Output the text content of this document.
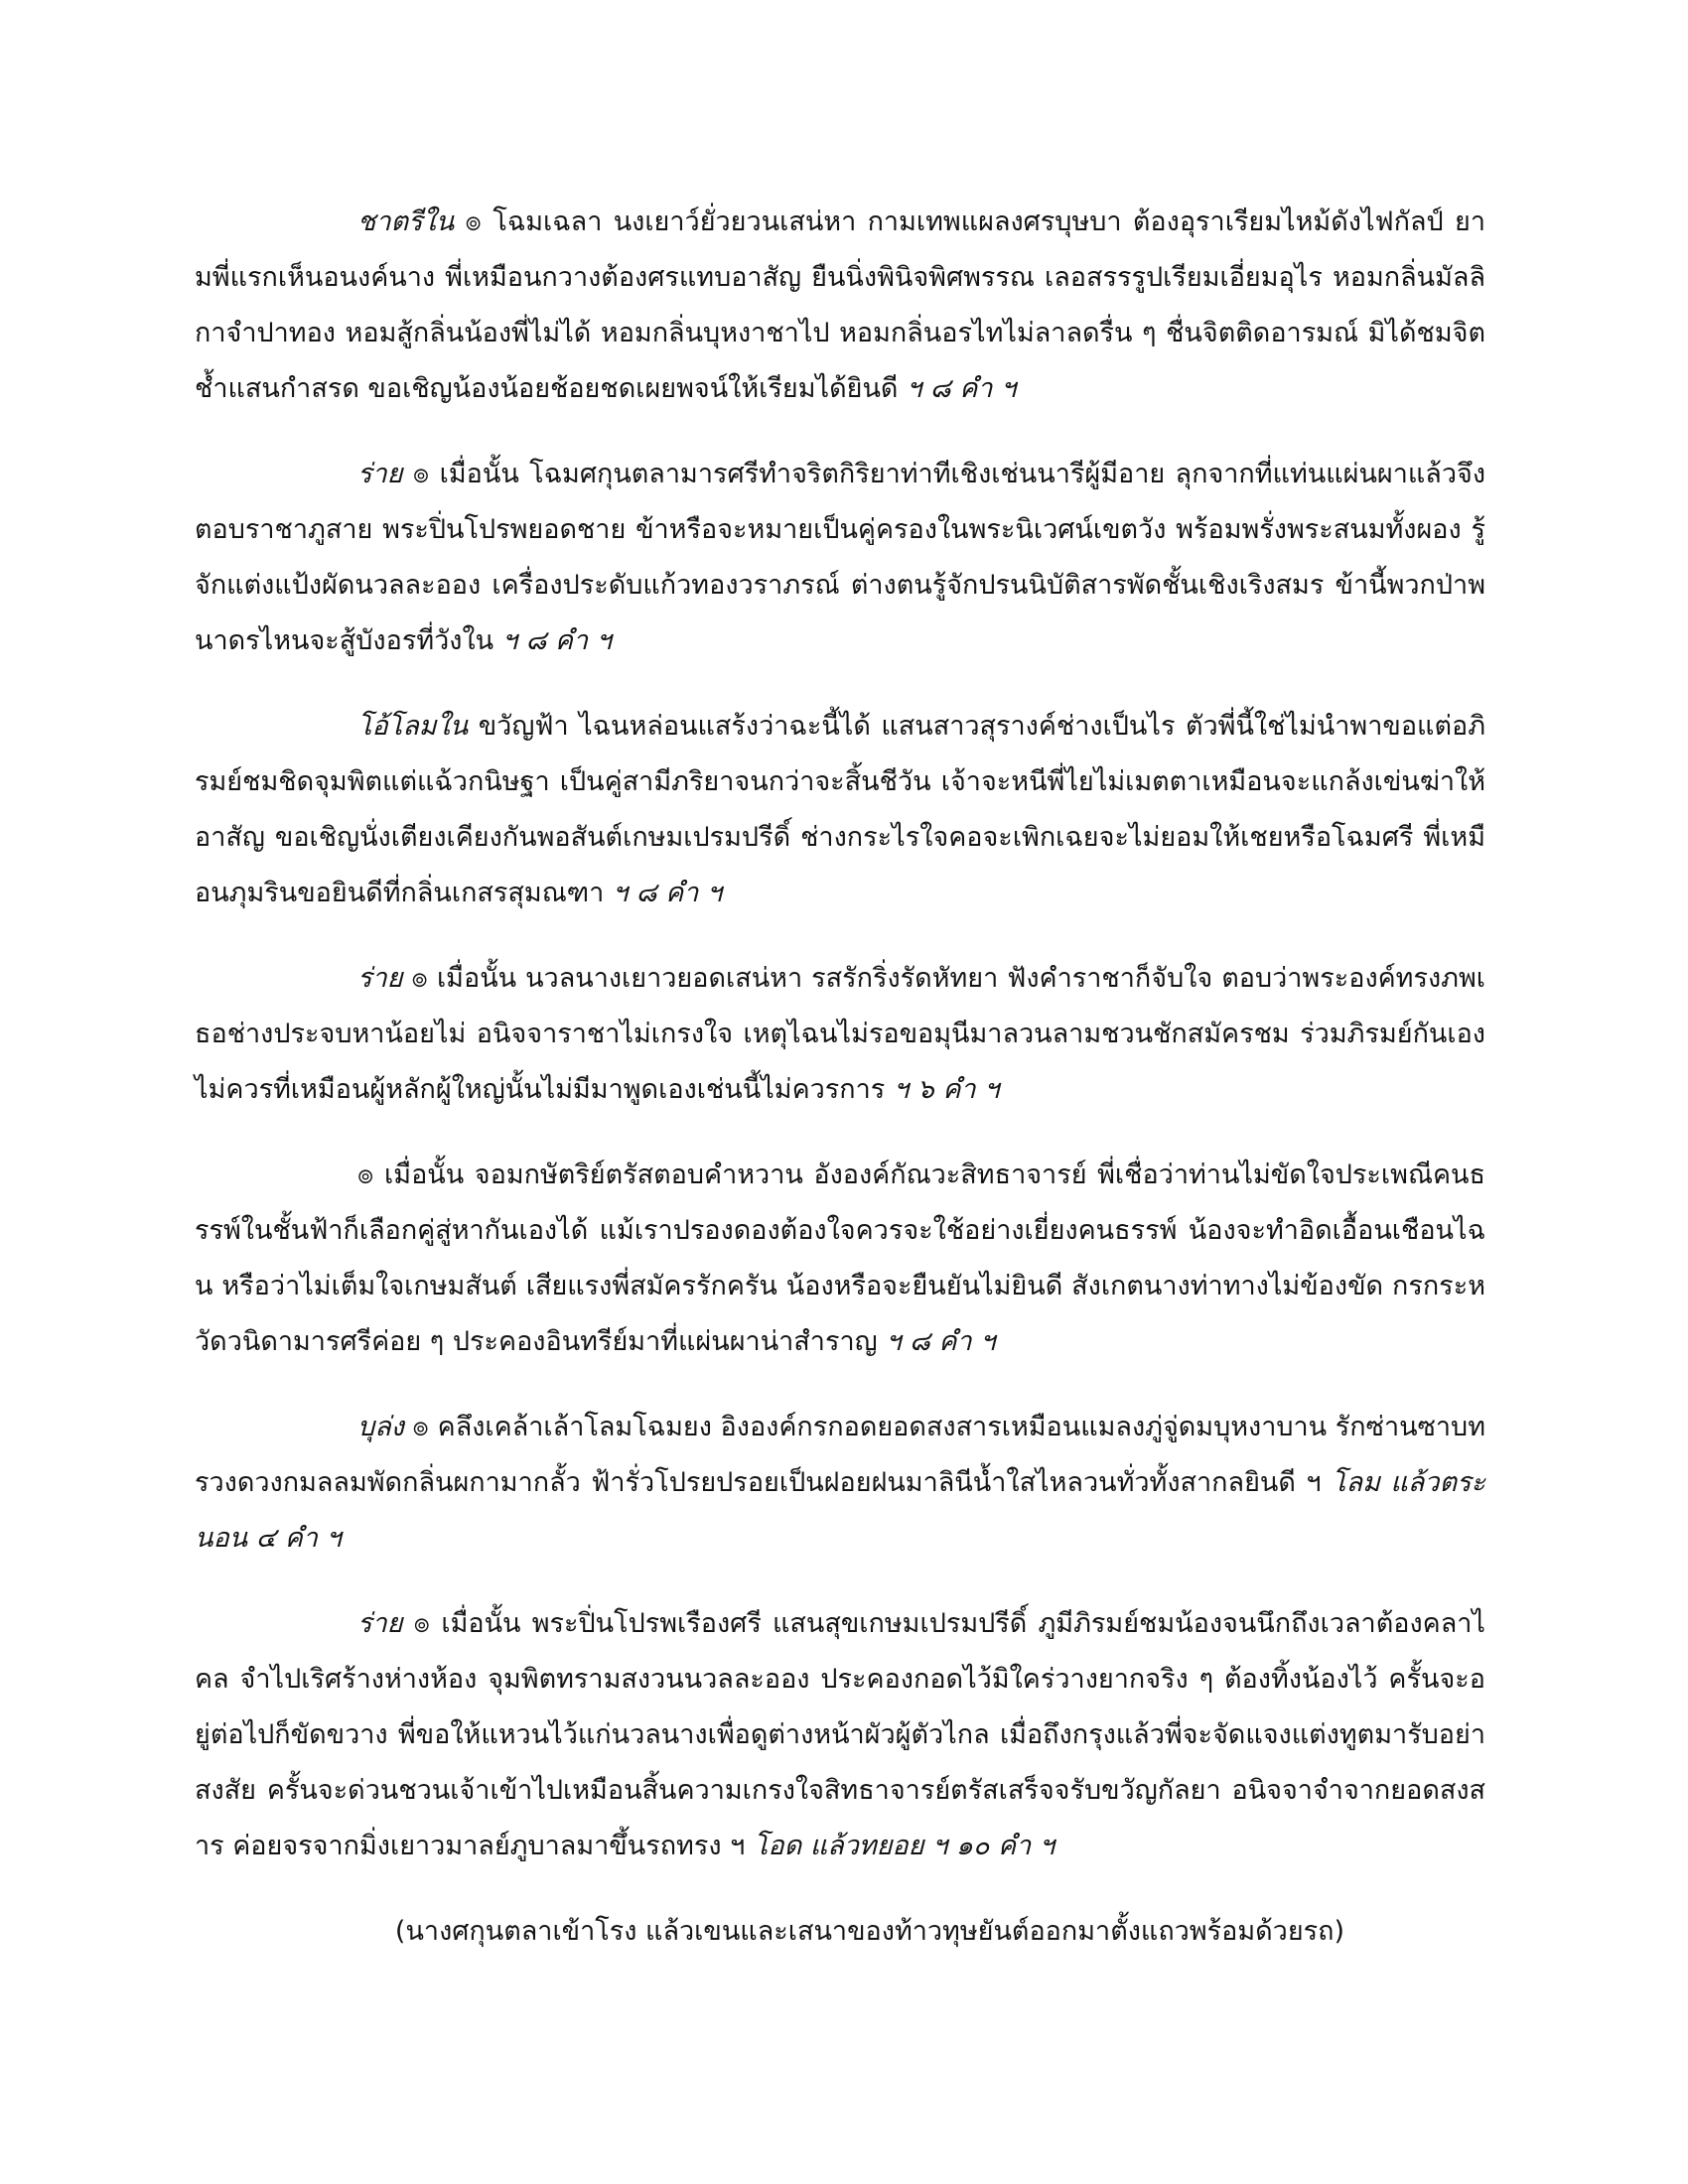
ชาตรีใน ๏ โฉมเฉลา นงเยาว์ยั่วยวนเสน่หา กามเทพแผลงศรบุษบา ต้องอุราเรียมไหม้ดังไฟกัลป์ ยามพี่แรกเห็นอนงค์นาง พี่เหมือนกวางต้องศรแทบอาสัญ ยืนนิ่งพินิจพิศพรรณ เลอสรรรูปเรียมเอี่ยมอุไร หอมกลิ่นมัลลิกาจำปาทอง หอมสู้กลิ่นน้องพี่ไม่ได้ หอมกลิ่นบุหงาชาไป หอมกลิ่นอรไทไม่ลาลดรื่น ๆ ชื่นจิตติดอารมณ์ มิได้ชมจิตช้ำแสนกำสรด ขอเชิญน้องน้อยช้อยชดเผยพจน์ให้เรียมได้ยินดี ฯ ๘ คำ ฯ

ร่าย ๏ เมื่อนั้น โฉมศกุนตลามารศรีทำจริตกิริยาท่าทีเชิงเช่นนารีผู้มีอาย ลุกจากที่แท่นแผ่นผาแล้วจึงตอบราชาภูสาย พระปิ่นโปรพยอดชาย ข้าหรือจะหมายเป็นคู่ครองในพระนิเวศน์เขตวัง พร้อมพรั่งพระสนมทั้งผอง รู้จักแต่งแป้งผัดนวลละออง เครื่องประดับแก้วทองวราภรณ์ ต่างตนรู้จักปรนนิบัติสารพัดชั้นเชิงเริงสมร ข้านี้พวกป่าพนาดรไหนจะสู้บังอรที่วังใน ฯ ๘ คำ ฯ

โอ้โลมใน ขวัญฟ้า ไฉนหล่อนแสร้งว่าฉะนี้ได้ แสนสาวสุรางค์ช่างเป็นไร ตัวพี่นี้ใช่ไม่นำพาขอแต่อภิรมย์ชมชิดจุมพิตแต่แฉ้วกนิษฐา เป็นคู่สามีภริยาจนกว่าจะสิ้นชีวัน เจ้าจะหนีพี่ไยไม่เมตตาเหมือนจะแกล้งเข่นฆ่าให้อาสัญ ขอเชิญนั่งเตียงเคียงกันพอสันต์เกษมเปรมปรีดิ์ ช่างกระไรใจคอจะเพิกเฉยจะไม่ยอมให้เชยหรือโฉมศรี พี่เหมือนภุมรินขอยินดีที่กลิ่นเกสรสุมณฑา ฯ ๘ คำ ฯ

ร่าย ๏ เมื่อนั้น นวลนางเยาวยอดเสน่หา รสรักริ่งรัดหัทยา ฟังคำราชาก็จับใจ ตอบว่าพระองค์ทรงภพเธอช่างประจบหาน้อยไม่ อนิจจาราชาไม่เกรงใจ เหตุไฉนไม่รอขอมุนีมาลวนลามชวนชักสมัครชม ร่วมภิรมย์กันเองไม่ควรที่เหมือนผู้หลักผู้ใหญ่นั้นไม่มีมาพูดเองเช่นนี้ไม่ควรการ ฯ ๖ คำ ฯ

๏ เมื่อนั้น จอมกษัตริย์ตรัสตอบคำหวาน อังองค์กัณวะสิทธาจารย์ พี่เชื่อว่าท่านไม่ขัดใจประเพณีคนธรรพ์ในชั้นฟ้าก็เลือกคู่สู่หากันเองได้ แม้เราปรองดองต้องใจควรจะใช้อย่างเยี่ยงคนธรรพ์ น้องจะทำอิดเอื้อนเชือนไฉน หรือว่าไม่เต็มใจเกษมสันต์ เสียแรงพี่สมัครรักครัน น้องหรือจะยืนยันไม่ยินดี สังเกตนางท่าทางไม่ข้องขัด กรกระหวัดวนิดามารศรีค่อย ๆ ประคองอินทรีย์มาที่แผ่นผาน่าสำราญ ฯ ๘ คำ ฯ

บุล่ง ๏ คลึงเคล้าเล้าโลมโฉมยง อิงองค์กรกอดยอดสงสารเหมือนแมลงภู่จู่ดมบุหงาบาน รักซ่านซาบทรวงดวงกมลลมพัดกลิ่นผกามากลั้ว ฟ้ารั่วโปรยปรอยเป็นฝอยฝนมาลินีน้ำใสไหลวนทั่วทั้งสากลยินดี ฯ โลม แล้วตระนอน ๔ คำ ฯ

ร่าย ๏ เมื่อนั้น พระปิ่นโปรพเรืองศรี แสนสุขเกษมเปรมปรีดิ์ ภูมีภิรมย์ชมน้องจนนึกถึงเวลาต้องคลาไคล จำไปเริศร้างห่างห้อง จุมพิตทรามสงวนนวลละออง ประคองกอดไว้มิใคร่วางยากจริง ๆ ต้องทิ้งน้องไว้ ครั้นจะอยู่ต่อไปก็ขัดขวาง พี่ขอให้แหวนไว้แก่นวลนางเพื่อดูต่างหน้าผัวผู้ตัวไกล เมื่อถึงกรุงแล้วพี่จะจัดแจงแต่งทูตมารับอย่าสงสัย ครั้นจะด่วนชวนเจ้าเข้าไปเหมือนสิ้นความเกรงใจสิทธาจารย์ตรัสเสร็จจรับขวัญกัลยา อนิจจาจำจากยอดสงสาร ค่อยจรจากมิ่งเยาวมาลย์ภูบาลมาขึ้นรถทรง ฯ โอด แล้วทยอย ฯ ๑๐ คำ ฯ

(นางศกุนตลาเข้าโรง แล้วเขนและเสนาของท้าวทุษยันต์ออกมาตั้งแถวพร้อมด้วยรถ)
